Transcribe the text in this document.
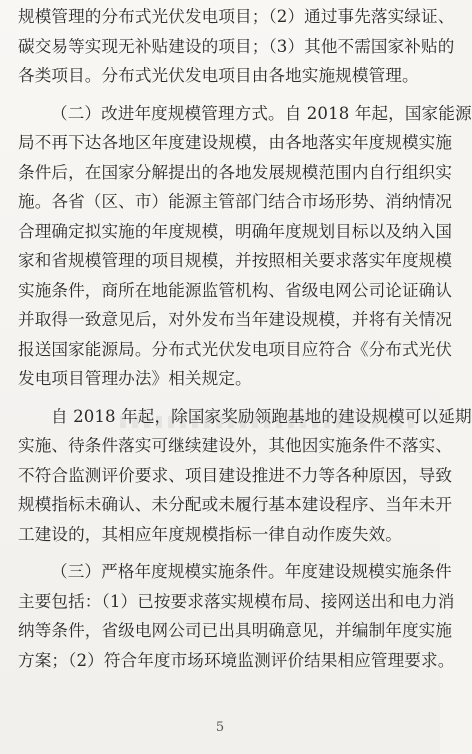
规模管理的分布式光伏发电项目；（2）通过事先落实绿证、
碳交易等实现无补贴建设的项目；（3）其他不需国家补贴的
各类项目。分布式光伏发电项目由各地实施规模管理。
（二）改进年度规模管理方式。自 2018 年起，国家能源
局不再下达各地区年度建设规模，由各地落实年度规模实施
条件后，在国家分解提出的各地发展规模范围内自行组织实
施。各省（区、市）能源主管部门结合市场形势、消纳情况
合理确定拟实施的年度规模，明确年度规划目标以及纳入国
家和省规模管理的项目规模，并按照相关要求落实年度规模
实施条件，商所在地能源监管机构、省级电网公司论证确认
并取得一致意见后，对外发布当年建设规模，并将有关情况
报送国家能源局。分布式光伏发电项目应符合《分布式光伏
发电项目管理办法》相关规定。
自 2018 年起，除国家奖励领跑基地的建设规模可以延期
实施、待条件落实可继续建设外，其他因实施条件不落实、
不符合监测评价要求、项目建设推进不力等各种原因，导致
规模指标未确认、未分配或未履行基本建设程序、当年未开
工建设的，其相应年度规模指标一律自动作废失效。
（三）严格年度规模实施条件。年度建设规模实施条件
主要包括：（1）已按要求落实规模布局、接网送出和电力消
纳等条件，省级电网公司已出具明确意见，并编制年度实施
方案；（2）符合年度市场环境监测评价结果相应管理要求。
5
